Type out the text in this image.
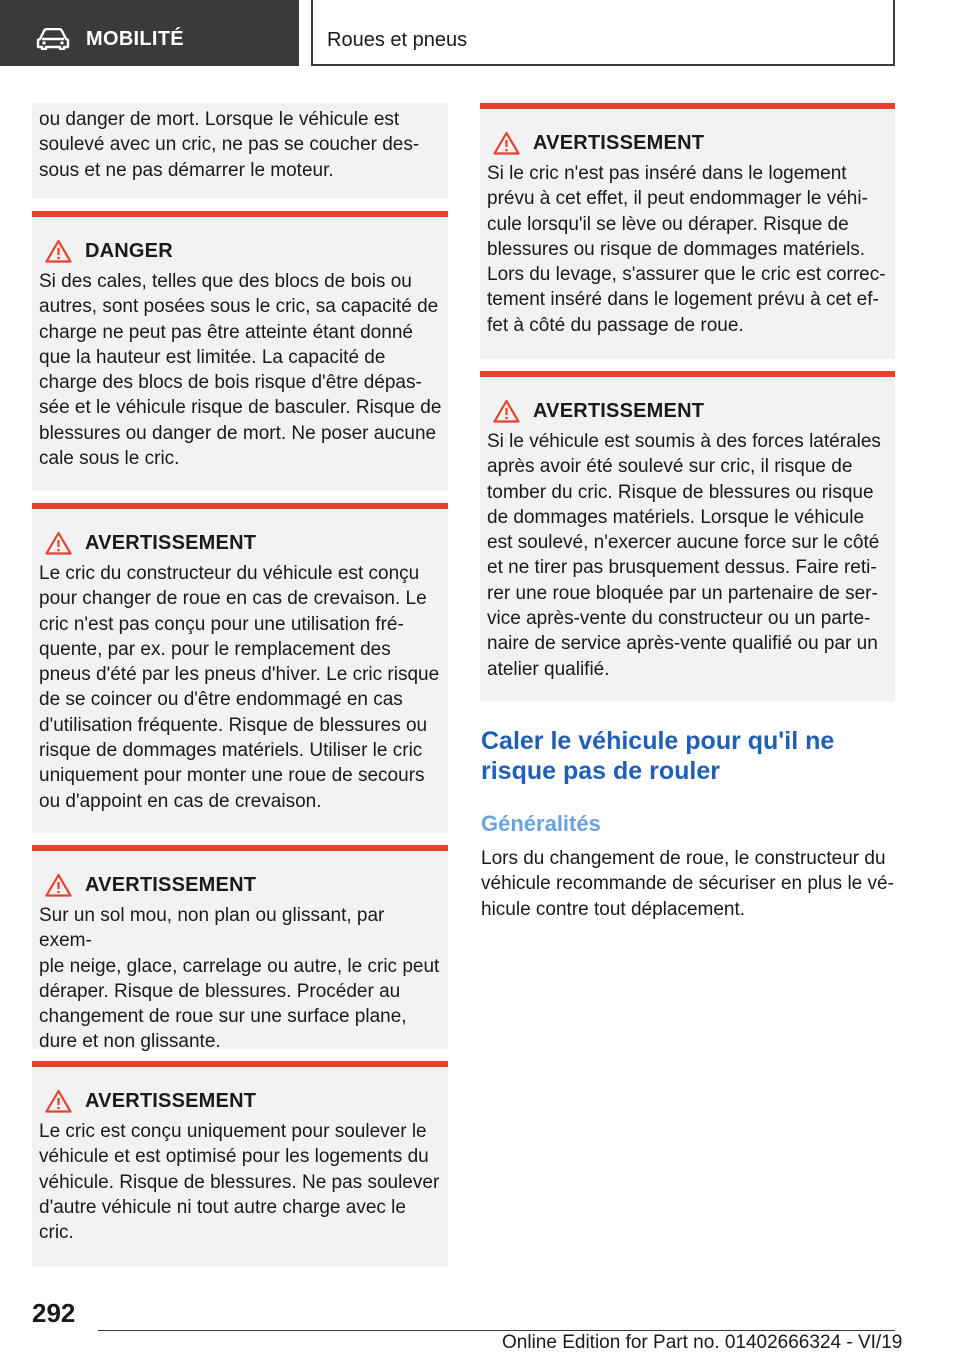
MOBILITÉ	Roues et pneus

ou danger de mort. Lorsque le véhicule est

soulevé avec un cric, ne pas se coucher des‐

sous et ne pas démarrer le moteur.

DANGER

Si des cales, telles que des blocs de bois ou

autres, sont posées sous le cric, sa capacité de

charge ne peut pas être atteinte étant donné

que la hauteur est limitée. La capacité de

charge des blocs de bois risque d'être dépas‐

sée et le véhicule risque de basculer. Risque de

blessures ou danger de mort. Ne poser aucune

cale sous le cric.

AVERTISSEMENT

Le cric du constructeur du véhicule est conçu

pour changer de roue en cas de crevaison. Le

cric n'est pas conçu pour une utilisation fré‐

quente, par ex. pour le remplacement des

pneus d'été par les pneus d'hiver. Le cric risque

de se coincer ou d'être endommagé en cas

d'utilisation fréquente. Risque de blessures ou

risque de dommages matériels. Utiliser le cric

uniquement pour monter une roue de secours

ou d'appoint en cas de crevaison.

AVERTISSEMENT

Sur un sol mou, non plan ou glissant, par exem‐

ple neige, glace, carrelage ou autre, le cric peut

déraper. Risque de blessures. Procéder au

changement de roue sur une surface plane,

dure et non glissante.

AVERTISSEMENT

Le cric est conçu uniquement pour soulever le

véhicule et est optimisé pour les logements du

véhicule. Risque de blessures. Ne pas soulever

d'autre véhicule ni tout autre charge avec le

cric.

AVERTISSEMENT

Si le cric n'est pas inséré dans le logement

prévu à cet effet, il peut endommager le véhi‐

cule lorsqu'il se lève ou déraper. Risque de

blessures ou risque de dommages matériels.

Lors du levage, s'assurer que le cric est correc‐

tement inséré dans le logement prévu à cet ef‐

fet à côté du passage de roue.

AVERTISSEMENT

Si le véhicule est soumis à des forces latérales

après avoir été soulevé sur cric, il risque de

tomber du cric. Risque de blessures ou risque

de dommages matériels. Lorsque le véhicule

est soulevé, n'exercer aucune force sur le côté

et ne tirer pas brusquement dessus. Faire reti‐

rer une roue bloquée par un partenaire de ser‐

vice après-vente du constructeur ou un parte‐

naire de service après-vente qualifié ou par un

atelier qualifié.

Caler le véhicule pour qu'il ne
risque pas de rouler
Généralités

Lors du changement de roue, le constructeur du

véhicule recommande de sécuriser en plus le vé‐

hicule contre tout déplacement.

292
Online Edition for Part no. 01402666324 - VI/19
